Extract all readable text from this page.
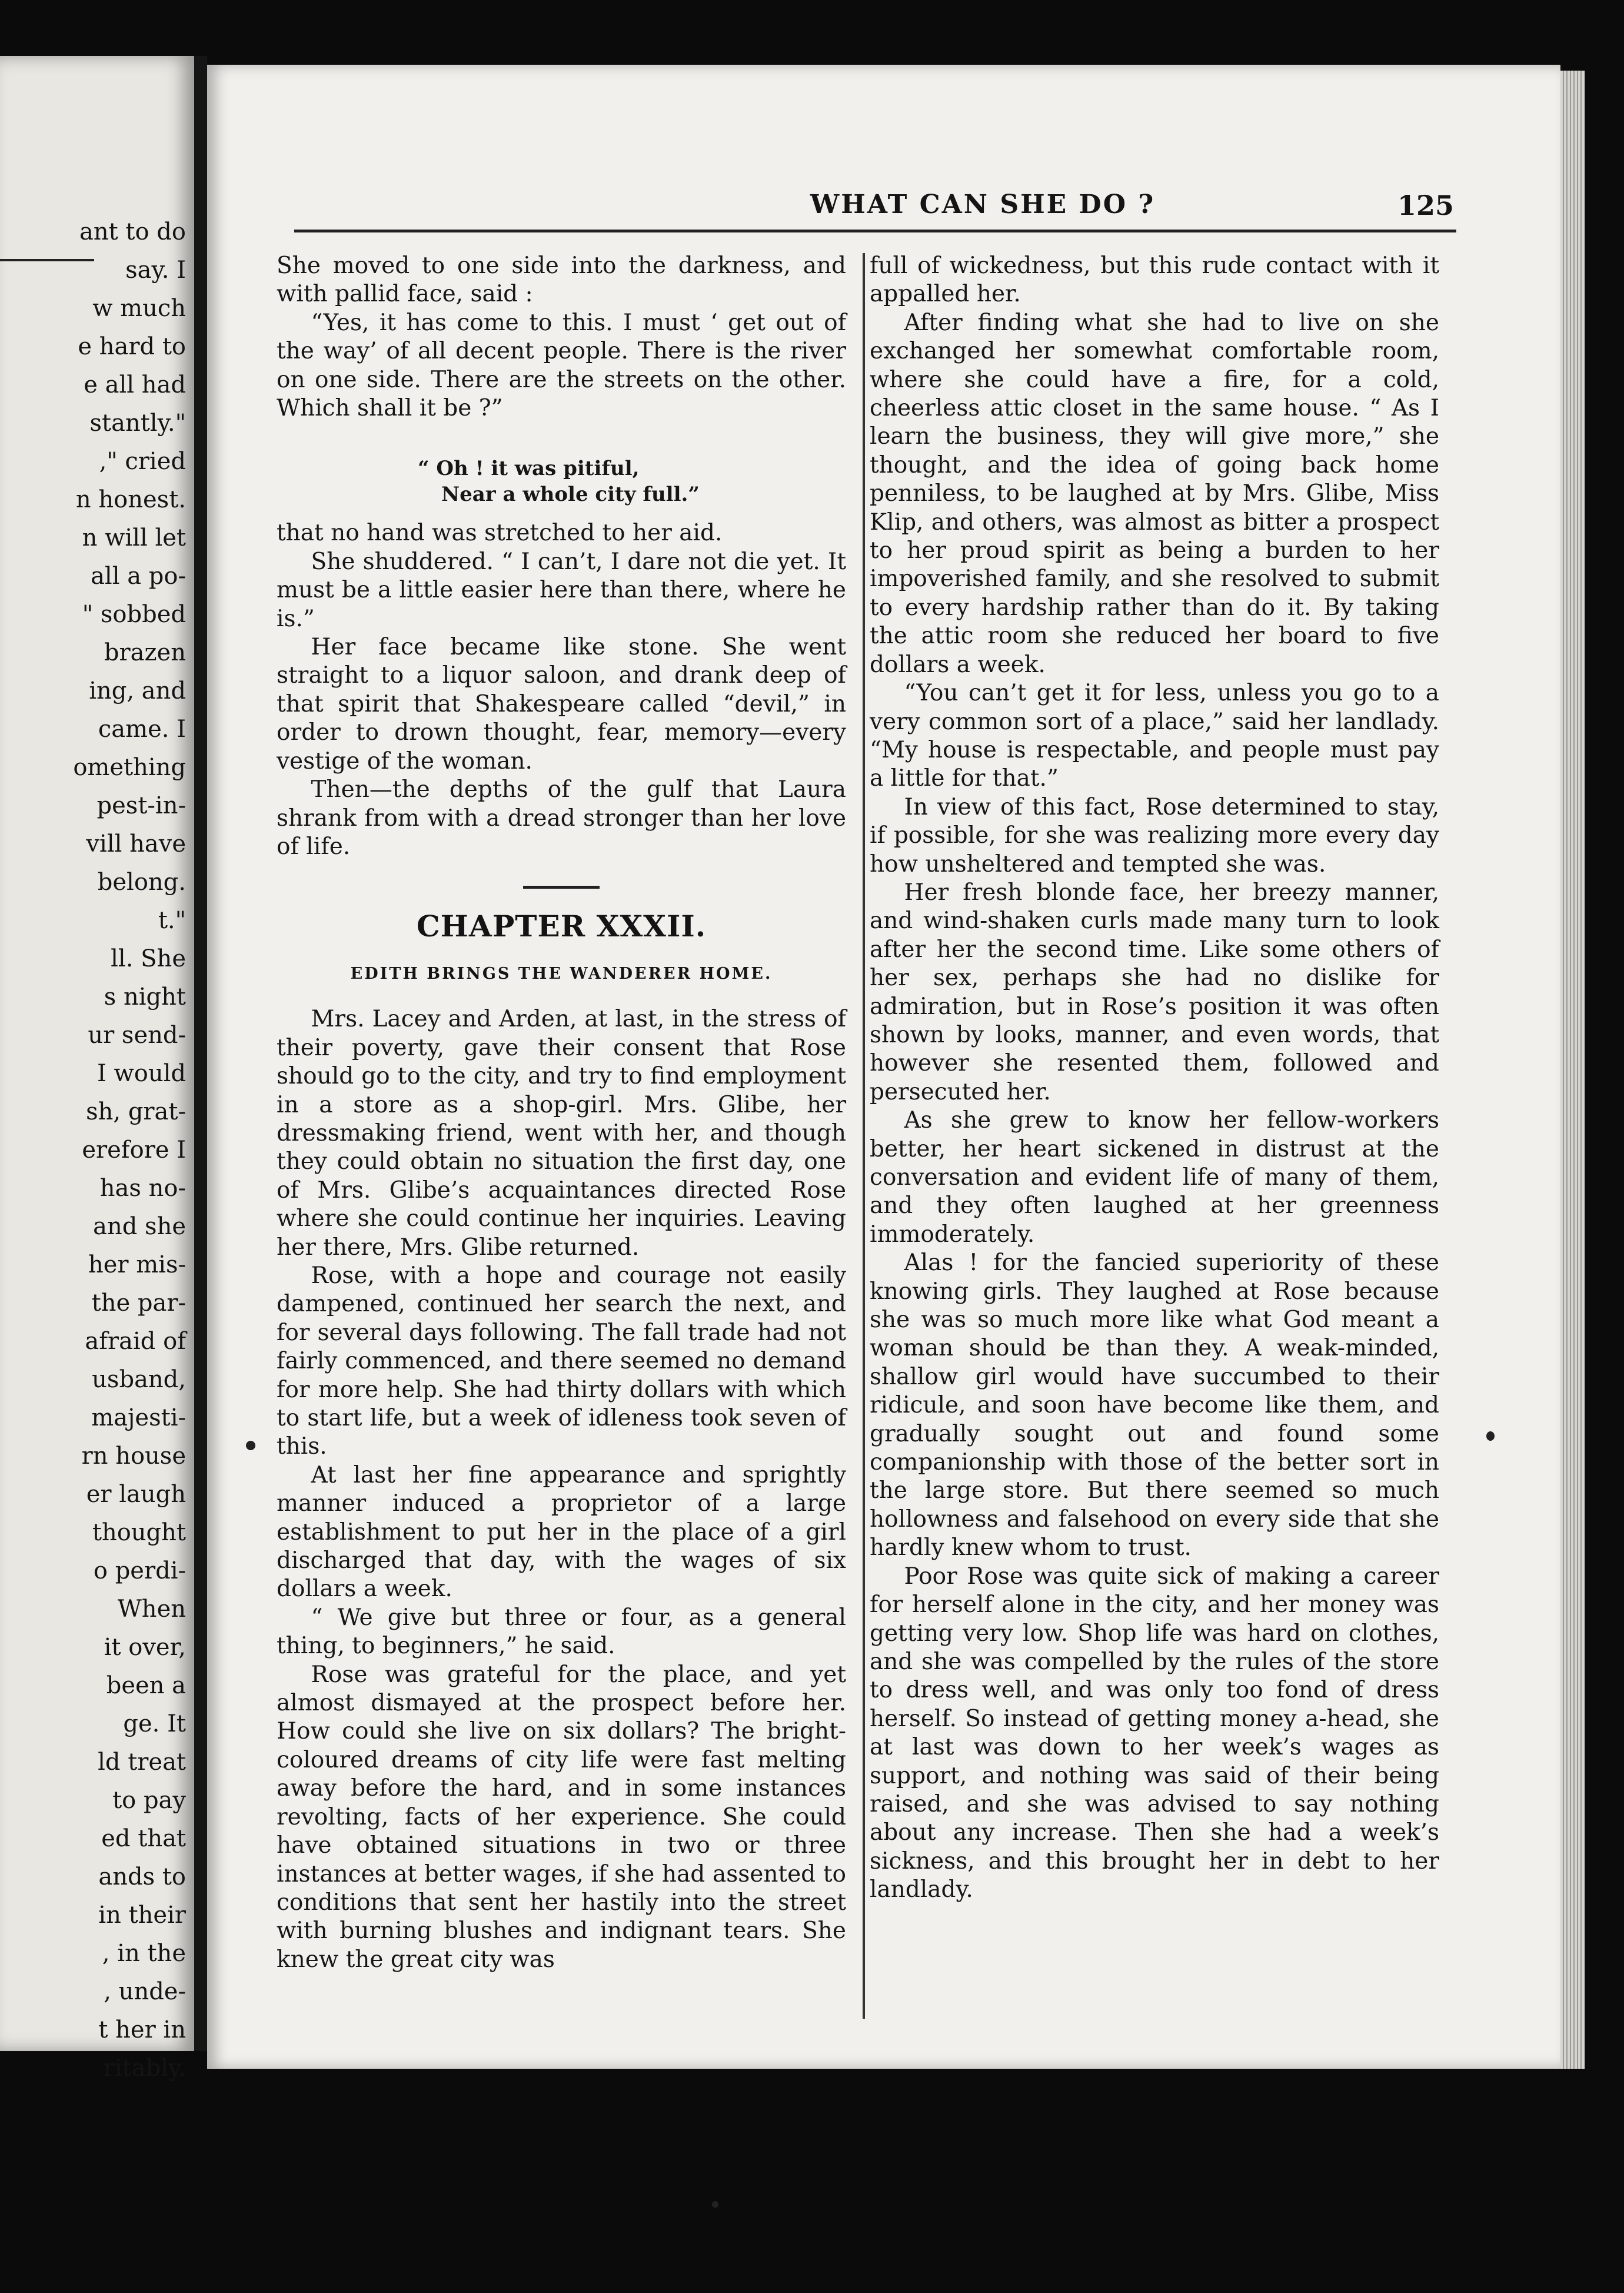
ant to do
say. I
w much
e hard to
e all had
stantly."
," cried
n honest.
n will let
all a po-
" sobbed
brazen
ing, and
came. I
omething
pest-in-
vill have
belong.
t."
ll. She
s night
ur send-
I would
sh, grat-
erefore I
has no-
and she
her mis-
the par-
afraid of
usband,
majesti-
rn house
er laugh
thought
o perdi-
When
it over,
been a
ge. It
ld treat
to pay
ed that
ands to
in their
, in the
, unde-
t her in
ritably.
WHAT CAN SHE DO ?	125

She moved to one side into the darkness, and with pallid face, said :

“Yes, it has come to this. I must ‘ get out of the way’ of all decent people. There is the river on one side. There are the streets on the other. Which shall it be ?”

“ Oh ! it was pitiful,
Near a whole city full.”

that no hand was stretched to her aid.

She shuddered. “ I can’t, I dare not die yet. It must be a little easier here than there, where he is.”

Her face became like stone. She went straight to a liquor saloon, and drank deep of that spirit that Shakespeare called “devil,” in order to drown thought, fear, memory—every vestige of the woman.

Then—the depths of the gulf that Laura shrank from with a dread stronger than her love of life.

CHAPTER XXXII.
EDITH BRINGS THE WANDERER HOME.

Mrs. Lacey and Arden, at last, in the stress of their poverty, gave their consent that Rose should go to the city, and try to find employment in a store as a shop-girl. Mrs. Glibe, her dressmaking friend, went with her, and though they could obtain no situation the first day, one of Mrs. Glibe’s acquaintances directed Rose where she could continue her inquiries. Leaving her there, Mrs. Glibe returned.

Rose, with a hope and courage not easily dampened, continued her search the next, and for several days following. The fall trade had not fairly commenced, and there seemed no demand for more help. She had thirty dollars with which to start life, but a week of idleness took seven of this.

At last her fine appearance and sprightly manner induced a proprietor of a large establishment to put her in the place of a girl discharged that day, with the wages of six dollars a week.

“ We give but three or four, as a general thing, to beginners,” he said.

Rose was grateful for the place, and yet almost dismayed at the prospect before her. How could she live on six dollars? The bright-coloured dreams of city life were fast melting away before the hard, and in some instances revolting, facts of her experience. She could have obtained situations in two or three instances at better wages, if she had assented to conditions that sent her hastily into the street with burning blushes and indignant tears. She knew the great city was

full of wickedness, but this rude contact with it appalled her.

After finding what she had to live on she exchanged her somewhat comfortable room, where she could have a fire, for a cold, cheerless attic closet in the same house. “ As I learn the business, they will give more,” she thought, and the idea of going back home penniless, to be laughed at by Mrs. Glibe, Miss Klip, and others, was almost as bitter a prospect to her proud spirit as being a burden to her impoverished family, and she resolved to submit to every hardship rather than do it. By taking the attic room she reduced her board to five dollars a week.

“You can’t get it for less, unless you go to a very common sort of a place,” said her landlady. “My house is respectable, and people must pay a little for that.”

In view of this fact, Rose determined to stay, if possible, for she was realizing more every day how unsheltered and tempted she was.

Her fresh blonde face, her breezy manner, and wind-shaken curls made many turn to look after her the second time. Like some others of her sex, perhaps she had no dislike for admiration, but in Rose’s position it was often shown by looks, manner, and even words, that however she resented them, followed and persecuted her.

As she grew to know her fellow-workers better, her heart sickened in distrust at the conversation and evident life of many of them, and they often laughed at her greenness immoderately.

Alas ! for the fancied superiority of these knowing girls. They laughed at Rose because she was so much more like what God meant a woman should be than they. A weak-minded, shallow girl would have succumbed to their ridicule, and soon have become like them, and gradually sought out and found some companionship with those of the better sort in the large store. But there seemed so much hollowness and falsehood on every side that she hardly knew whom to trust.

Poor Rose was quite sick of making a career for herself alone in the city, and her money was getting very low. Shop life was hard on clothes, and she was compelled by the rules of the store to dress well, and was only too fond of dress herself. So instead of getting money a-head, she at last was down to her week’s wages as support, and nothing was said of their being raised, and she was advised to say nothing about any increase. Then she had a week’s sickness, and this brought her in debt to her landlady.
